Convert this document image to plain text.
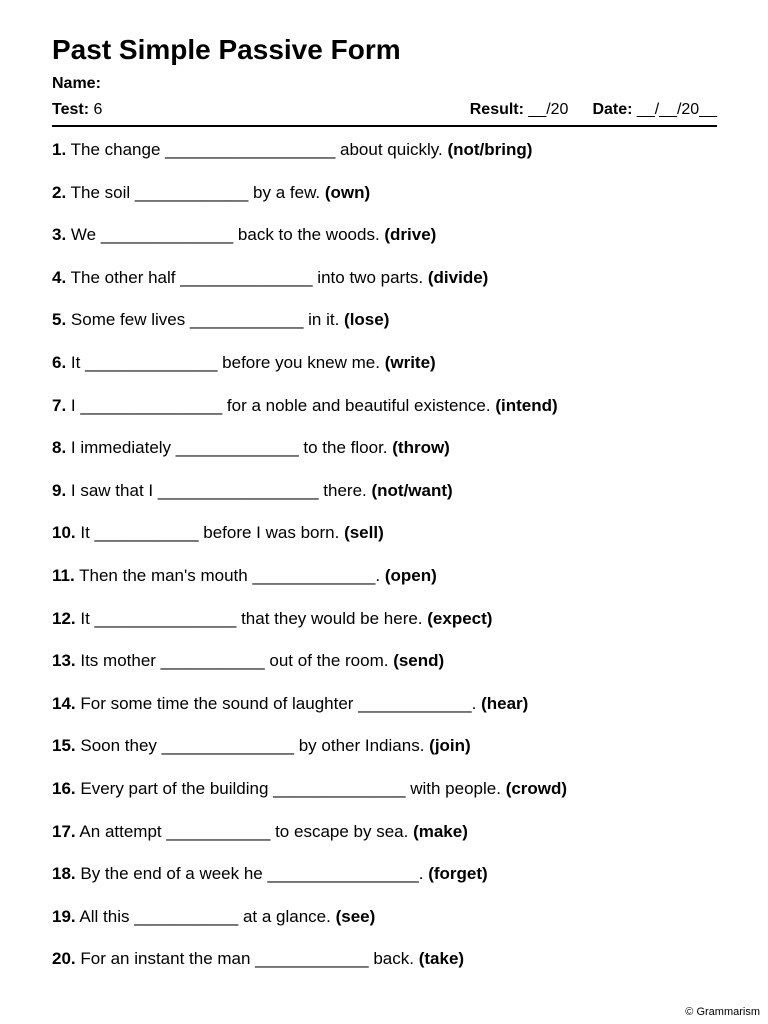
Past Simple Passive Form
Name:
Test: 6	Result: __/20 Date: __/__/20__
1. The change __________________ about quickly. (not/bring)
2. The soil ____________ by a few. (own)
3. We ______________ back to the woods. (drive)
4. The other half ______________ into two parts. (divide)
5. Some few lives ____________ in it. (lose)
6. It ______________ before you knew me. (write)
7. I _______________ for a noble and beautiful existence. (intend)
8. I immediately _____________ to the floor. (throw)
9. I saw that I _________________ there. (not/want)
10. It ___________ before I was born. (sell)
11. Then the man's mouth _____________. (open)
12. It _______________ that they would be here. (expect)
13. Its mother ___________ out of the room. (send)
14. For some time the sound of laughter ____________. (hear)
15. Soon they ______________ by other Indians. (join)
16. Every part of the building ______________ with people. (crowd)
17. An attempt ___________ to escape by sea. (make)
18. By the end of a week he ________________. (forget)
19. All this ___________ at a glance. (see)
20. For an instant the man ____________ back. (take)
© Grammarism
